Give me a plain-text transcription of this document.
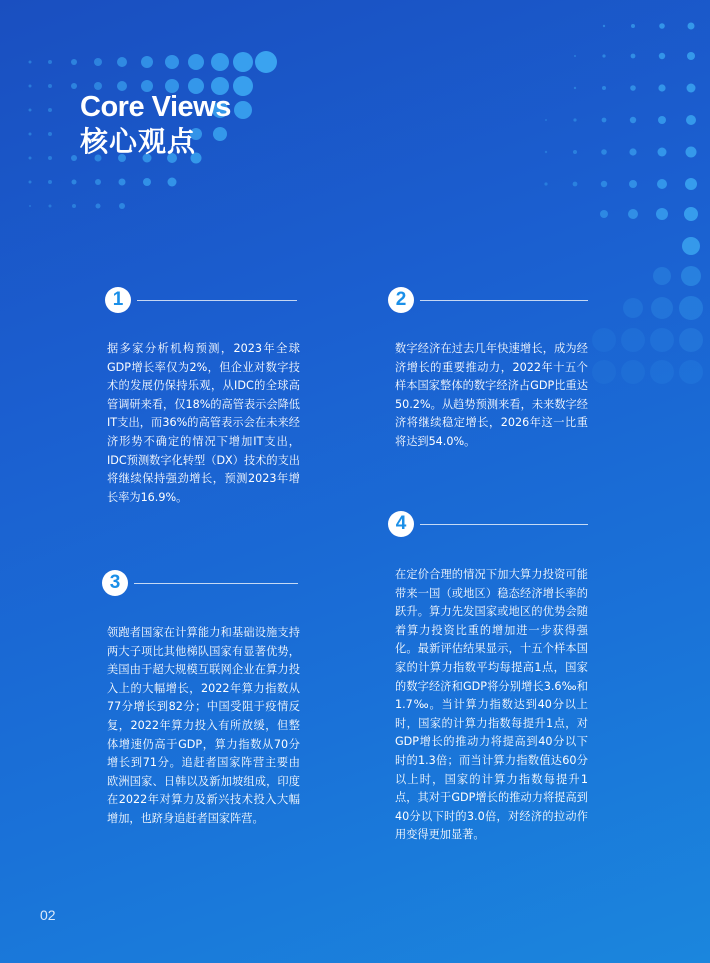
Core Views
核心观点
1

据多家分析机构预测，2023年全球GDP增长率仅为2%，但企业对数字技术的发展仍保持乐观，从IDC的全球高管调研来看，仅18%的高管表示会降低IT支出，而36%的高管表示会在未来经济形势不确定的情况下增加IT支出，IDC预测数字化转型（DX）技术的支出将继续保持强劲增长，预测2023年增长率为16.9%。

2

数字经济在过去几年快速增长，成为经济增长的重要推动力，2022年十五个样本国家整体的数字经济占GDP比重达50.2%。从趋势预测来看，未来数字经济将继续稳定增长，2026年这一比重将达到54.0%。

3

领跑者国家在计算能力和基础设施支持两大子项比其他梯队国家有显著优势，美国由于超大规模互联网企业在算力投入上的大幅增长，2022年算力指数从77分增长到82分；中国受阻于疫情反复，2022年算力投入有所放缓，但整体增速仍高于GDP，算力指数从70分增长到71分。追赶者国家阵营主要由欧洲国家、日韩以及新加坡组成，印度在2022年对算力及新兴技术投入大幅增加，也跻身追赶者国家阵营。

4

在定价合理的情况下加大算力投资可能带来一国（或地区）稳态经济增长率的跃升。算力先发国家或地区的优势会随着算力投资比重的增加进一步获得强化。最新评估结果显示，十五个样本国家的计算力指数平均每提高1点，国家的数字经济和GDP将分别增长3.6‰和1.7‰。当计算力指数达到40分以上时，国家的计算力指数每提升1点，对GDP增长的推动力将提高到40分以下时的1.3倍；而当计算力指数值达60分以上时，国家的计算力指数每提升1点，其对于GDP增长的推动力将提高到40分以下时的3.0倍，对经济的拉动作用变得更加显著。

02
